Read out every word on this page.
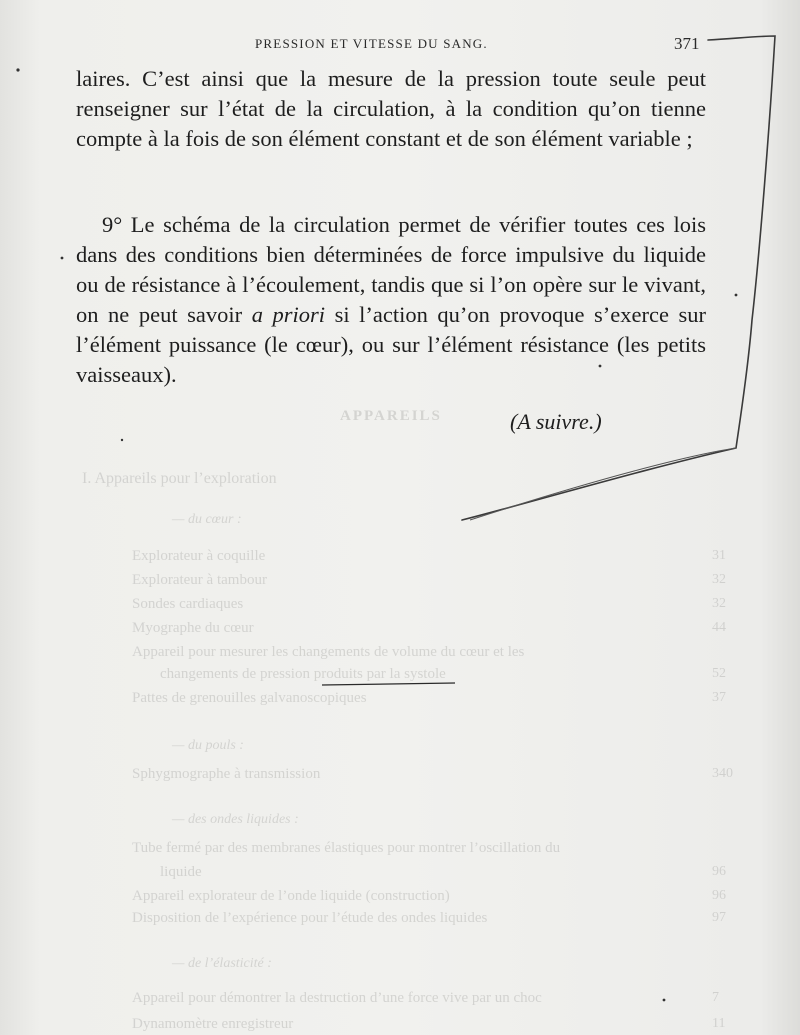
PRESSION ET VITESSE DU SANG.	371
laires. C’est ainsi que la mesure de la pression toute seule peut renseigner sur l’état de la circulation, à la condition qu’on tienne compte à la fois de son élément constant et de son élément variable ;
9° Le schéma de la circulation permet de vérifier toutes ces lois dans des conditions bien déterminées de force impulsive du liquide ou de résistance à l’écoulement, tandis que si l’on opère sur le vivant, on ne peut savoir a priori si l’action qu’on provoque s’exerce sur l’élément puissance (le cœur), ou sur l’élément résistance (les petits vaisseaux).
(A suivre.)
APPAREILS
I. Appareils pour l’exploration
— du cœur :
Explorateur à coquille	31
Explorateur à tambour	32
Sondes cardiaques	32
Myographe du cœur	44
Appareil pour mesurer les changements de volume du cœur et les
changements de pression produits par la systole	52
Pattes de grenouilles galvanoscopiques	37
— du pouls :
Sphygmographe à transmission	340
— des ondes liquides :
Tube fermé par des membranes élastiques pour montrer l’oscillation du
liquide	96
Appareil explorateur de l’onde liquide (construction)	96
Disposition de l’expérience pour l’étude des ondes liquides	97
— de l’élasticité :
Appareil pour démontrer la destruction d’une force vive par un choc	7
Dynamomètre enregistreur	11
